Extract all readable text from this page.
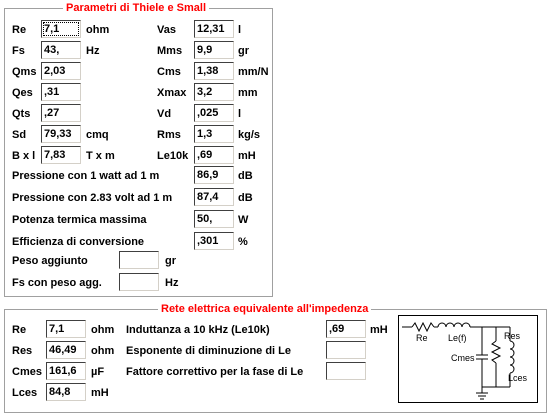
Parametri di Thiele e Small
Re 7,1	ohm
Fs 43,	Hz
Qms 2,03
Qes ,31
Qts ,27
Sd 79,33	cmq
B x l 7,83	T x m
Vas 12,31	l
Mms 9,9	gr
Cms 1,38	mm/N
Xmax 3,2	mm
Vd ,025	l
Rms 1,3	kg/s
Le10k ,69	mH
Pressione con 1 watt ad 1 m	86,9	dB
Pressione con 2.83 volt ad 1 m 87,4	dB
Potenza termica massima	50,	W
Efficienza di conversione	,301	%
Peso aggiunto	gr
Fs con peso agg.	Hz
Rete elettrica equivalente all'impedenza
Re 7,1	ohm
Res 46,49	ohm
Cmes 161,6	µF
Lces 84,8	mH
Induttanza a 10 kHz (Le10k)	,69	mH
Esponente di diminuzione di Le
Fattore correttivo per la fase di Le
Re Le(f)	Res
Cmes
Lces
